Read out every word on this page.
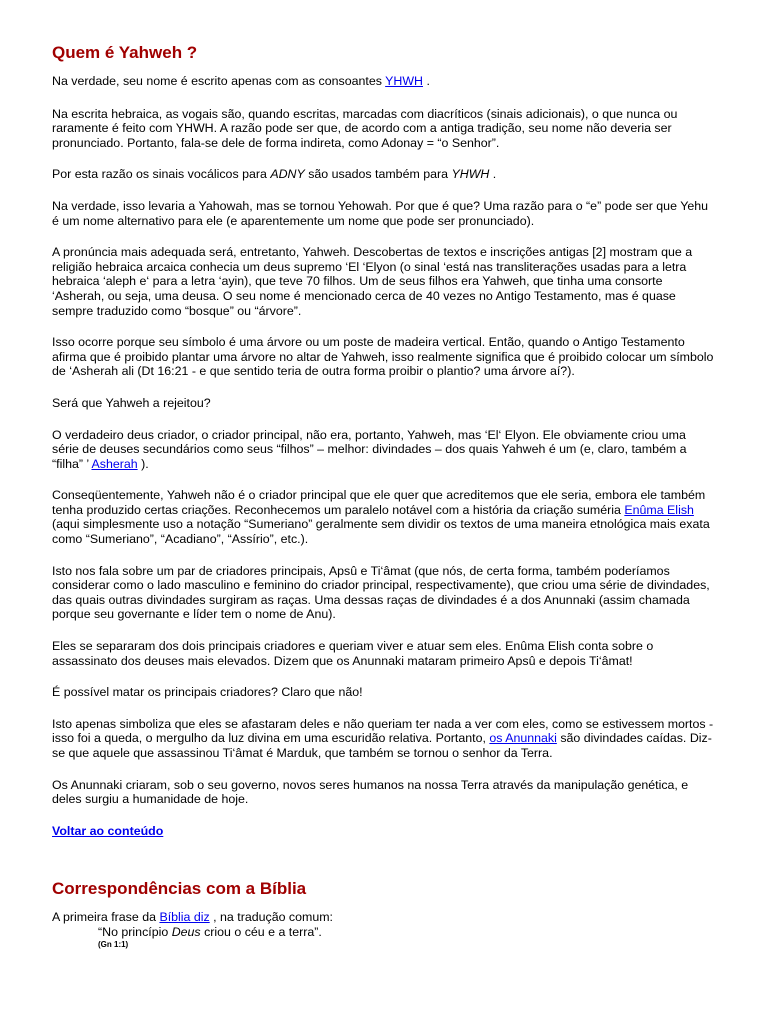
Quem é Yahweh ?

Na verdade, seu nome é escrito apenas com as consoantes YHWH .

Na escrita hebraica, as vogais são, quando escritas, marcadas com diacríticos (sinais adicionais), o que nunca ou raramente é feito com YHWH. A razão pode ser que, de acordo com a antiga tradição, seu nome não deveria ser pronunciado. Portanto, fala-se dele de forma indireta, como Adonay = “o Senhor”.

Por esta razão os sinais vocálicos para ADNY são usados também para YHWH .

Na verdade, isso levaria a Yahowah, mas se tornou Yehowah. Por que é que? Uma razão para o “e” pode ser que Yehu é um nome alternativo para ele (e aparentemente um nome que pode ser pronunciado).

A pronúncia mais adequada será, entretanto, Yahweh. Descobertas de textos e inscrições antigas [2] mostram que a religião hebraica arcaica conhecia um deus supremo ‘El ‘Elyon (o sinal ‘está nas transliterações usadas para a letra hebraica ‘aleph e‘ para a letra ‘ayin), que teve 70 filhos. Um de seus filhos era Yahweh, que tinha uma consorte ‘Asherah, ou seja, uma deusa. O seu nome é mencionado cerca de 40 vezes no Antigo Testamento, mas é quase sempre traduzido como “bosque” ou “árvore”.

Isso ocorre porque seu símbolo é uma árvore ou um poste de madeira vertical. Então, quando o Antigo Testamento afirma que é proibido plantar uma árvore no altar de Yahweh, isso realmente significa que é proibido colocar um símbolo de ‘Asherah ali (Dt 16:21 - e que sentido teria de outra forma proibir o plantio? uma árvore aí?).

Será que Yahweh a rejeitou?

O verdadeiro deus criador, o criador principal, não era, portanto, Yahweh, mas ‘El‘ Elyon. Ele obviamente criou uma série de deuses secundários como seus “filhos” – melhor: divindades – dos quais Yahweh é um (e, claro, também a “filha” ’ Asherah ).

Conseqüentemente, Yahweh não é o criador principal que ele quer que acreditemos que ele seria, embora ele também tenha produzido certas criações. Reconhecemos um paralelo notável com a história da criação suméria Enûma Elish (aqui simplesmente uso a notação “Sumeriano” geralmente sem dividir os textos de uma maneira etnológica mais exata como “Sumeriano”, “Acadiano”, “Assírio”, etc.).

Isto nos fala sobre um par de criadores principais, Apsû e Ti‘âmat (que nós, de certa forma, também poderíamos considerar como o lado masculino e feminino do criador principal, respectivamente), que criou uma série de divindades, das quais outras divindades surgiram as raças. Uma dessas raças de divindades é a dos Anunnaki (assim chamada porque seu governante e líder tem o nome de Anu).

Eles se separaram dos dois principais criadores e queriam viver e atuar sem eles. Enûma Elish conta sobre o assassinato dos deuses mais elevados. Dizem que os Anunnaki mataram primeiro Apsû e depois Ti‘âmat!

É possível matar os principais criadores? Claro que não!

Isto apenas simboliza que eles se afastaram deles e não queriam ter nada a ver com eles, como se estivessem mortos - isso foi a queda, o mergulho da luz divina em uma escuridão relativa. Portanto, os Anunnaki são divindades caídas. Diz-se que aquele que assassinou Ti‘âmat é Marduk, que também se tornou o senhor da Terra.

Os Anunnaki criaram, sob o seu governo, novos seres humanos na nossa Terra através da manipulação genética, e deles surgiu a humanidade de hoje.

Voltar ao conteúdo

Correspondências com a Bíblia

A primeira frase da Bíblia diz , na tradução comum:

“No princípio Deus criou o céu e a terra”.

(Gn 1:1)
